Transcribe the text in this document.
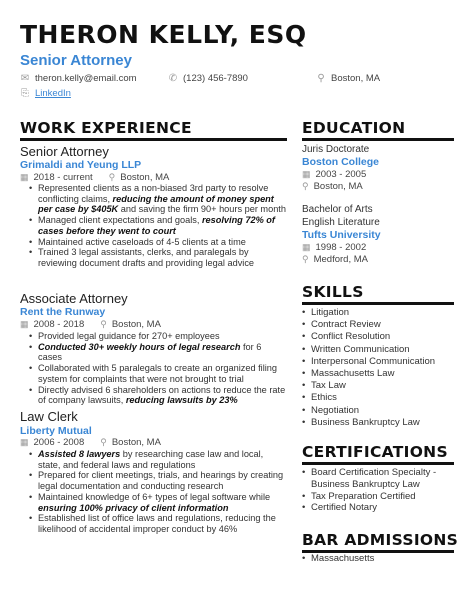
THERON KELLY, ESQ
Senior Attorney
✉ theron.kelly@email.com	✆ (123) 456-7890	⚲ Boston, MA
⎘ LinkedIn
WORK EXPERIENCE
Senior Attorney
Grimaldi and Yeung LLP
▦ 2018 - current ⚲ Boston, MA
• Represented clients as a non-biased 3rd party to resolve conflicting claims, reducing the amount of money spent per case by $405K and saving the firm 90+ hours per month
• Managed client expectations and goals, resolving 72% of cases before they went to court
• Maintained active caseloads of 4-5 clients at a time
• Trained 3 legal assistants, clerks, and paralegals by reviewing document drafts and providing legal advice
Associate Attorney
Rent the Runway
▦ 2008 - 2018 ⚲ Boston, MA
• Provided legal guidance for 270+ employees
• Conducted 30+ weekly hours of legal research for 6 cases
• Collaborated with 5 paralegals to create an organized filing system for complaints that were not brought to trial
• Directly advised 6 shareholders on actions to reduce the rate of company lawsuits, reducing lawsuits by 23%
Law Clerk
Liberty Mutual
▦ 2006 - 2008 ⚲ Boston, MA
• Assisted 8 lawyers by researching case law and local, state, and federal laws and regulations
• Prepared for client meetings, trials, and hearings by creating legal documentation and conducting research
• Maintained knowledge of 6+ types of legal software while ensuring 100% privacy of client information
• Established list of office laws and regulations, reducing the likelihood of accidental improper conduct by 46%
EDUCATION
Juris Doctorate
Boston College
▦ 2003 - 2005
⚲ Boston, MA
Bachelor of Arts
English Literature
Tufts University
▦ 1998 - 2002
⚲ Medford, MA
SKILLS
• Litigation
• Contract Review
• Conflict Resolution
• Written Communication
• Interpersonal Communication
• Massachusetts Law
• Tax Law
• Ethics
• Negotiation
• Business Bankruptcy Law
CERTIFICATIONS
• Board Certification Specialty - Business Bankruptcy Law
• Tax Preparation Certified
• Certified Notary
BAR ADMISSIONS
• Massachusetts
